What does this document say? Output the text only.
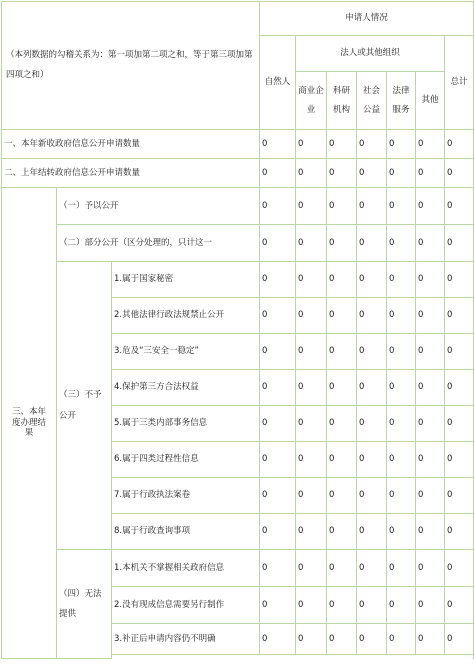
（本列数据的勾稽关系为：第一项加第二项之和，等于第三项加第四项之和）			申请人情况						
			自然人	法人或其他组织					总计
				商业企业	科研机构	社会公益	法律服务	其他	
一、本年新收政府信息公开申请数量			0	0	0	0	0	0	0
二、上年结转政府信息公开申请数量			0	0	0	0	0	0	0
三、本年度办理结果	（一）予以公开		0	0	0	0	0	0	0
	（二）部分公开（区分处理的，只计这一		0	0	0	0	0	0	0
	（三）不予公开	1.属于国家秘密	0	0	0	0	0	0	0
		2.其他法律行政法规禁止公开	0	0	0	0	0	0	0
		3.危及“三安全一稳定”	0	0	0	0	0	0	0
		4.保护第三方合法权益	0	0	0	0	0	0	0
		5.属于三类内部事务信息	0	0	0	0	0	0	0
		6.属于四类过程性信息	0	0	0	0	0	0	0
		7.属于行政执法案卷	0	0	0	0	0	0	0
		8.属于行政查询事项	0	0	0	0	0	0	0
	（四）无法提供	1.本机关不掌握相关政府信息	0	0	0	0	0	0	0
		2.没有现成信息需要另行制作	0	0	0	0	0	0	0
		3.补正后申请内容仍不明确	0	0	0	0	0	0	0
